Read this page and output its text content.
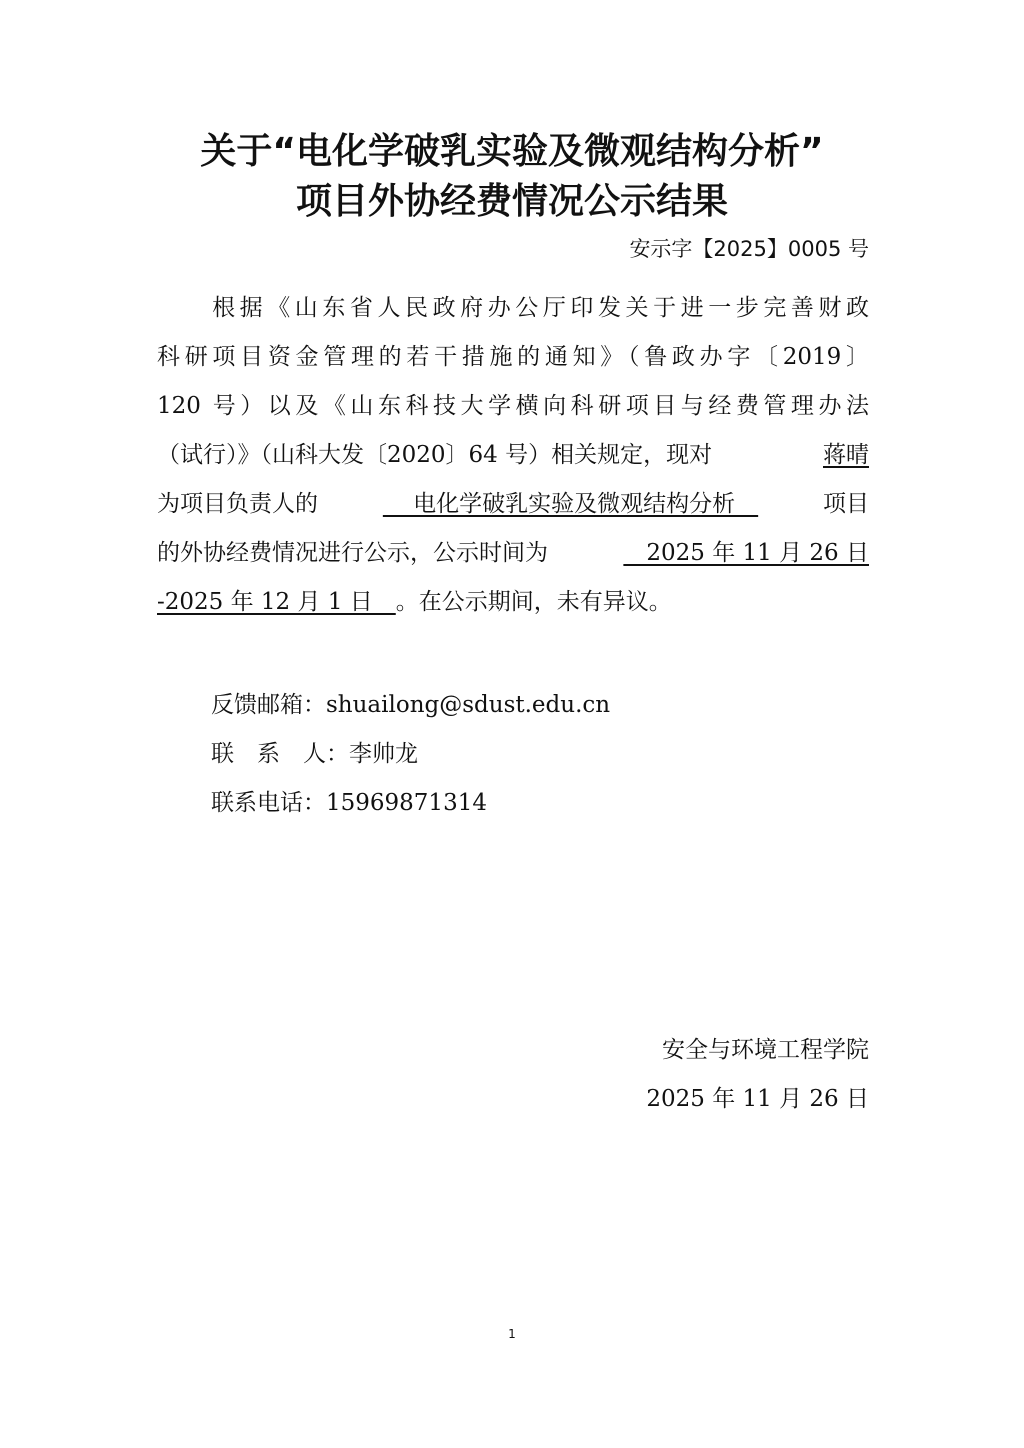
关于“电化学破乳实验及微观结构分析”
项目外协经费情况公示结果
安示字【2025】0005 号
　　根据《山东省人民政府办公厅印发关于进一步完善财政
科研项目资金管理的若干措施的通知》（鲁政办字〔2019〕
120 号）以及《山东科技大学横向科研项目与经费管理办法
（试行）》（山科大发〔2020〕64 号）相关规定，现对	蒋晴
为项目负责人的	　 电化学破乳实验及微观结构分析　	项目
的外协经费情况进行公示，公示时间为	　2025 年 11 月 26 日
-2025 年 12 月 1 日　。在公示期间，未有异议。
反馈邮箱：shuailong@sdust.edu.cn
联　系　人：李帅龙
联系电话：15969871314
安全与环境工程学院
2025 年 11 月 26 日
1
